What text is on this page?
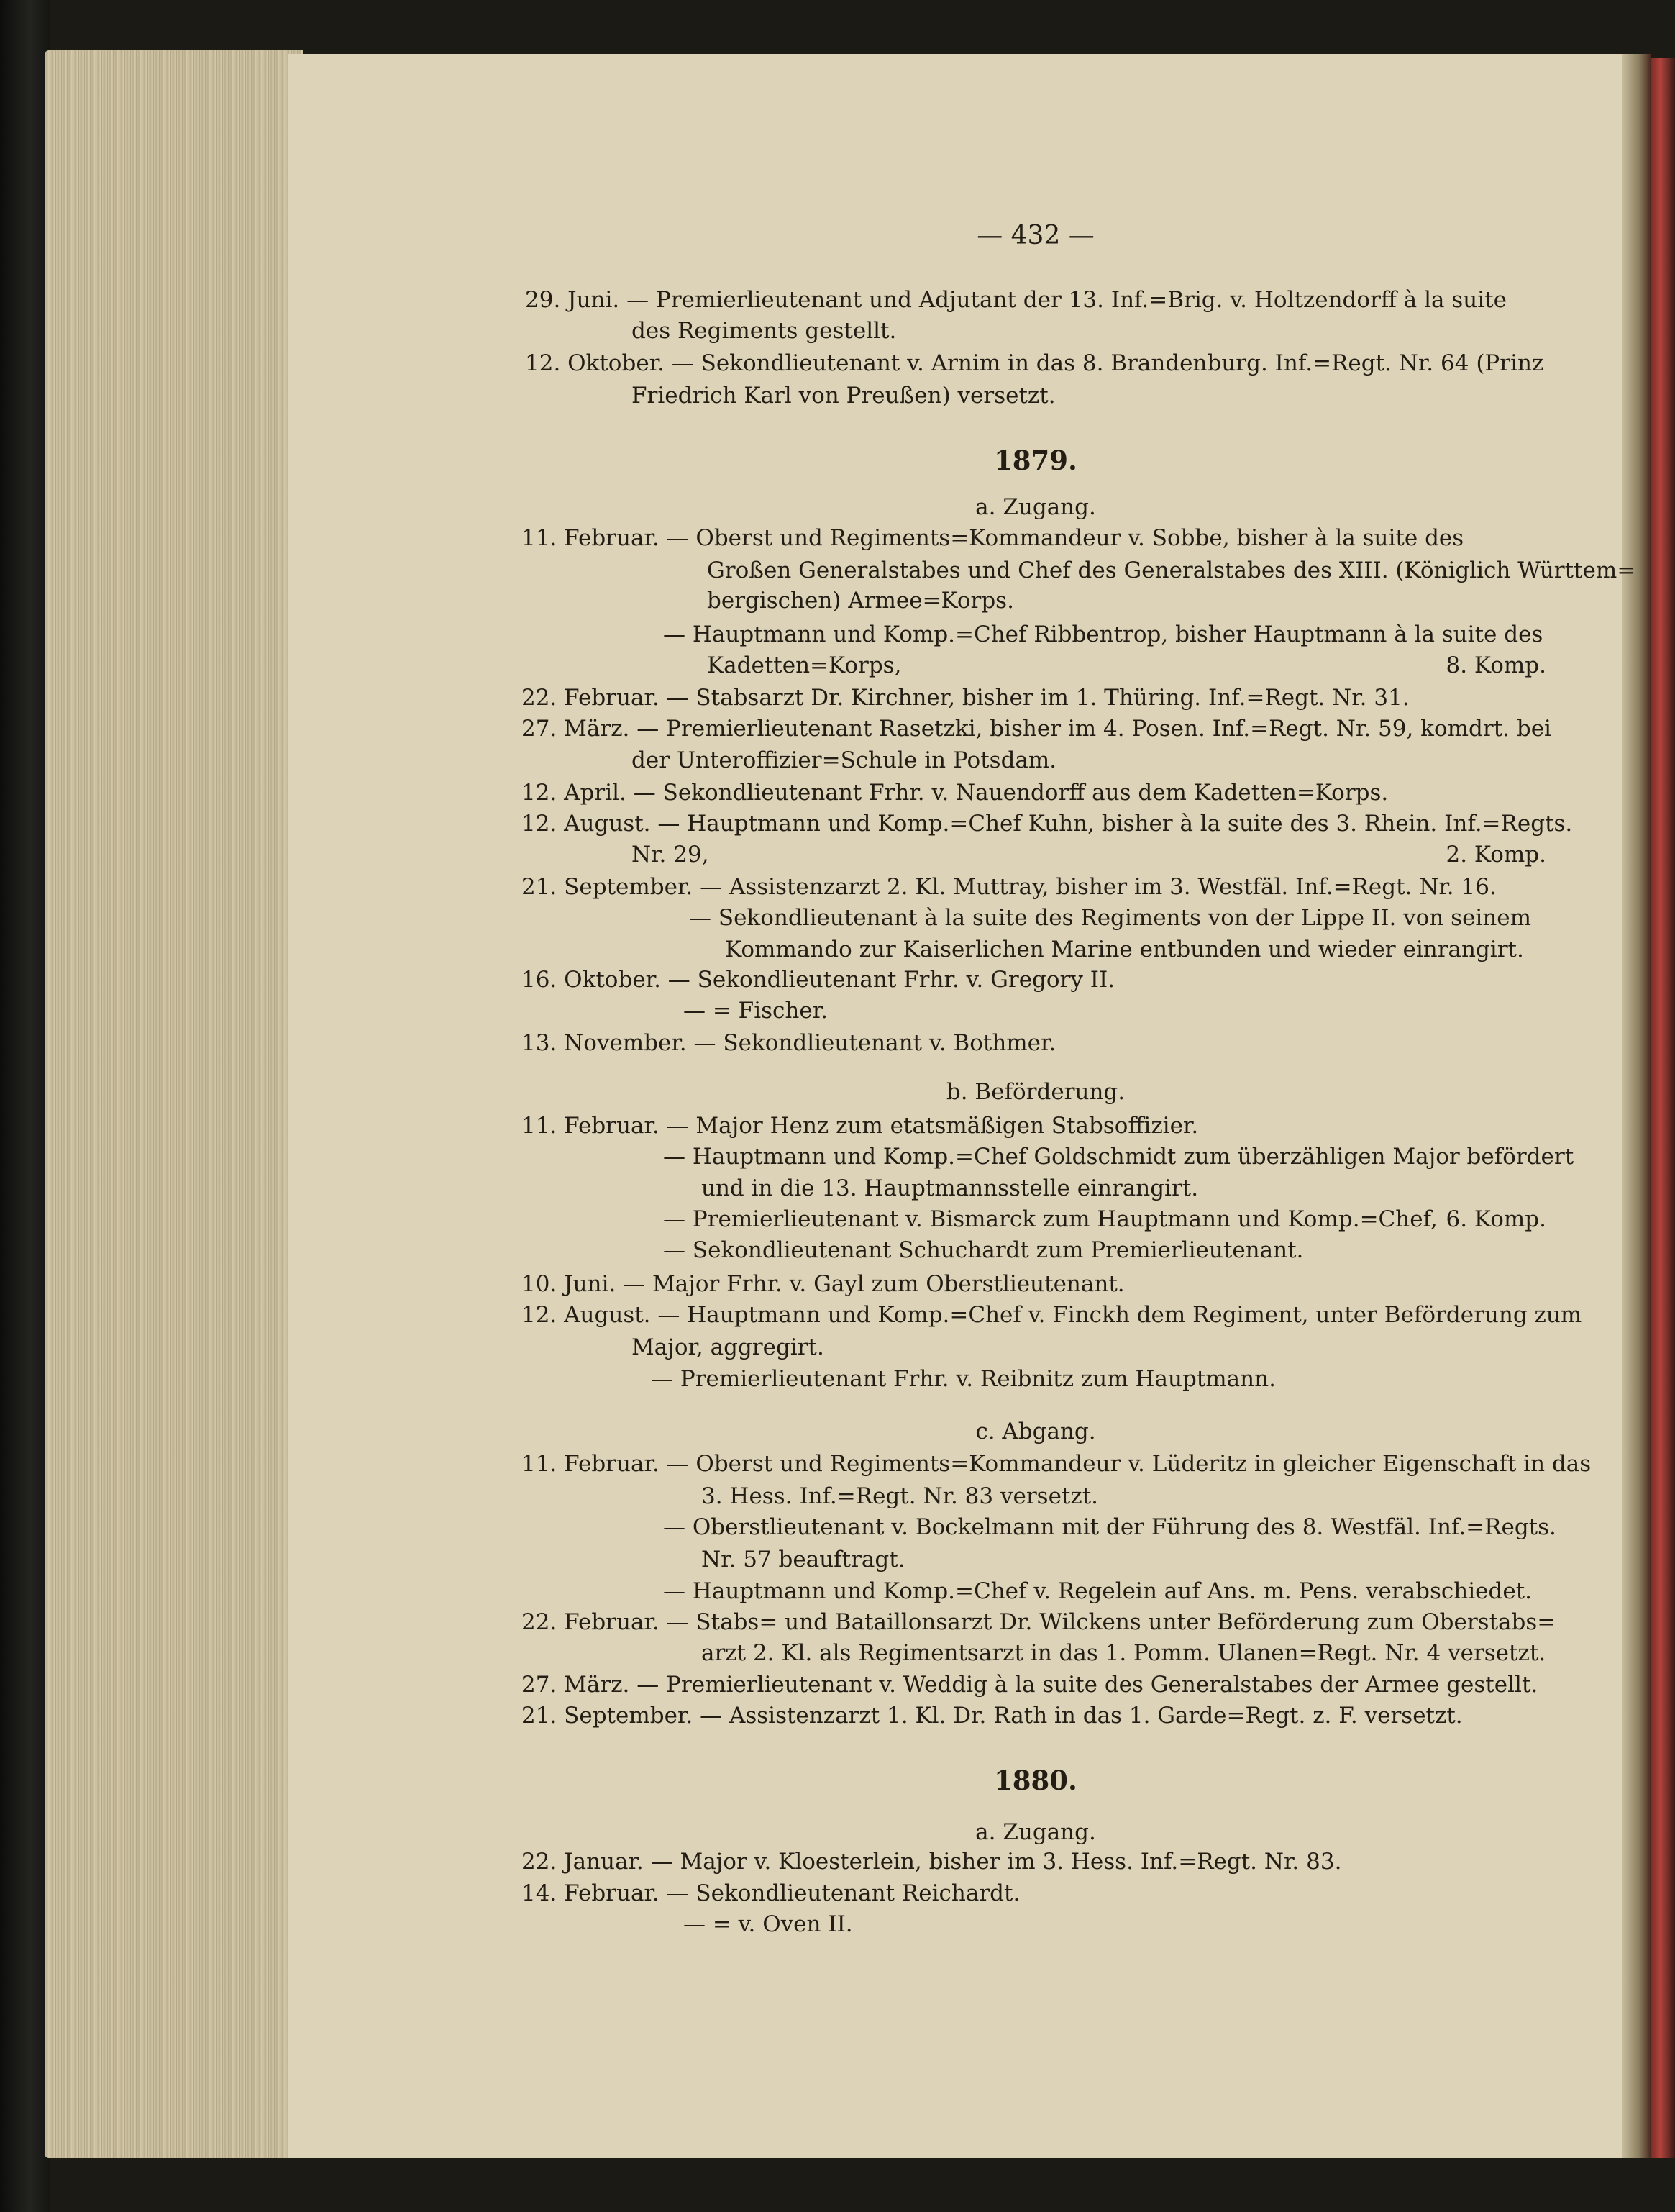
— 432 —
29. Juni. — Premierlieutenant und Adjutant der 13. Inf.=Brig. v. Holtzendorff à la suite
des Regiments gestellt.
12. Oktober. — Sekondlieutenant v. Arnim in das 8. Brandenburg. Inf.=Regt. Nr. 64 (Prinz
Friedrich Karl von Preußen) versetzt.
1879.
a. Zugang.
11. Februar. — Oberst und Regiments=Kommandeur v. Sobbe, bisher à la suite des
Großen Generalstabes und Chef des Generalstabes des XIII. (Königlich Württem=
bergischen) Armee=Korps.
— Hauptmann und Komp.=Chef Ribbentrop, bisher Hauptmann à la suite des
Kadetten=Korps,	8. Komp.
22. Februar. — Stabsarzt Dr. Kirchner, bisher im 1. Thüring. Inf.=Regt. Nr. 31.
27. März. — Premierlieutenant Rasetzki, bisher im 4. Posen. Inf.=Regt. Nr. 59, komdrt. bei
der Unteroffizier=Schule in Potsdam.
12. April. — Sekondlieutenant Frhr. v. Nauendorff aus dem Kadetten=Korps.
12. August. — Hauptmann und Komp.=Chef Kuhn, bisher à la suite des 3. Rhein. Inf.=Regts.
Nr. 29,	2. Komp.
21. September. — Assistenzarzt 2. Kl. Muttray, bisher im 3. Westfäl. Inf.=Regt. Nr. 16.
— Sekondlieutenant à la suite des Regiments von der Lippe II. von seinem
Kommando zur Kaiserlichen Marine entbunden und wieder einrangirt.
16. Oktober. — Sekondlieutenant Frhr. v. Gregory II.
— = Fischer.
13. November. — Sekondlieutenant v. Bothmer.
b. Beförderung.
11. Februar. — Major Henz zum etatsmäßigen Stabsoffizier.
— Hauptmann und Komp.=Chef Goldschmidt zum überzähligen Major befördert
und in die 13. Hauptmannsstelle einrangirt.
— Premierlieutenant v. Bismarck zum Hauptmann und Komp.=Chef, 6. Komp.
— Sekondlieutenant Schuchardt zum Premierlieutenant.
10. Juni. — Major Frhr. v. Gayl zum Oberstlieutenant.
12. August. — Hauptmann und Komp.=Chef v. Finckh dem Regiment, unter Beförderung zum
Major, aggregirt.
— Premierlieutenant Frhr. v. Reibnitz zum Hauptmann.
c. Abgang.
11. Februar. — Oberst und Regiments=Kommandeur v. Lüderitz in gleicher Eigenschaft in das
3. Hess. Inf.=Regt. Nr. 83 versetzt.
— Oberstlieutenant v. Bockelmann mit der Führung des 8. Westfäl. Inf.=Regts.
Nr. 57 beauftragt.
— Hauptmann und Komp.=Chef v. Regelein auf Ans. m. Pens. verabschiedet.
22. Februar. — Stabs= und Bataillonsarzt Dr. Wilckens unter Beförderung zum Oberstabs=
arzt 2. Kl. als Regimentsarzt in das 1. Pomm. Ulanen=Regt. Nr. 4 versetzt.
27. März. — Premierlieutenant v. Weddig à la suite des Generalstabes der Armee gestellt.
21. September. — Assistenzarzt 1. Kl. Dr. Rath in das 1. Garde=Regt. z. F. versetzt.
1880.
a. Zugang.
22. Januar. — Major v. Kloesterlein, bisher im 3. Hess. Inf.=Regt. Nr. 83.
14. Februar. — Sekondlieutenant Reichardt.
— = v. Oven II.
